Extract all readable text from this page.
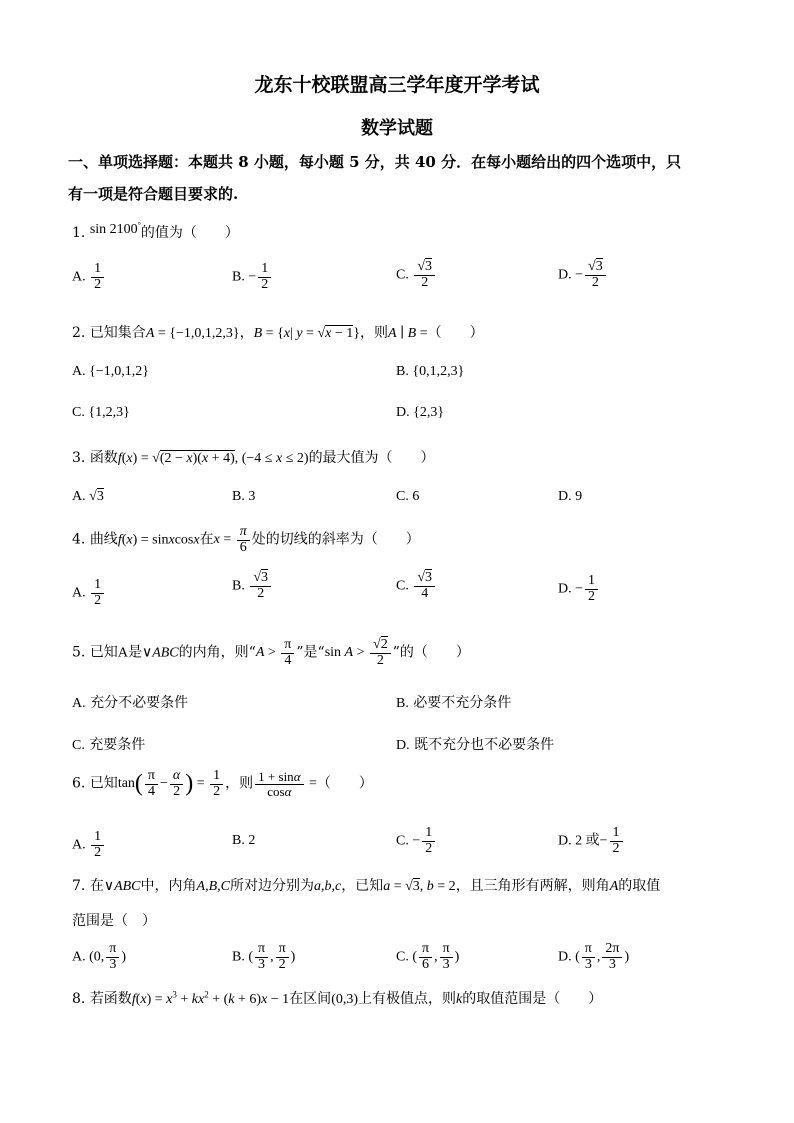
龙东十校联盟高三学年度开学考试
数学试题
一、单项选择题：本题共 8 小题，每小题 5 分，共 40 分．在每小题给出的四个选项中，只
有一项是符合题目要求的.
1. sin 2100°的值为（　　）
A. $\frac{1}{2}$	B. − $\frac{1}{2}$	C. $\frac{√3}{2}$	D. − $\frac{√3}{2}$
2. 已知集合A = {−1,0,1,2,3}，B = {x| y = √x − 1}，则A ∣ B =（　　）
A. {−1,0,1,2}	B. {0,1,2,3}
C. {1,2,3}	D. {2,3}
3. 函数f(x) = √(2 − x)(x + 4), (−4 ≤ x ≤ 2)的最大值为（　　）
A. √3	B. 3	C. 6	D. 9
4. 曲线f(x) = sinxcosx在$x = \frac{\pi}{6}$ 处的切线的斜率为（　　）
A. $\frac{1}{2}$	B. $\frac{√3}{2}$	C. $\frac{√3}{4}$	D. − $\frac{1}{2}$
5. 已知A是∨ABC的内角，则“$A > \frac{\pi}{4}$ ”是“sin $A > \frac{√2}{2}$ ”的（　　）
A. 充分不必要条件	B. 必要不充分条件
C. 充要条件	D. 既不充分也不必要条件
6. 已知$\tan( \frac{\pi}{4} - \frac{\alpha}{2}$ ) = $\frac{1}{2}$ ，则 $\frac{1 + \sin\alpha}{\cos\alpha}$ =（　　）
A. $\frac{1}{2}$	B. 2	C. − $\frac{1}{2}$	D. 2 或− $\frac{1}{2}$
7. 在∨ABC中，内角A,B,C所对边分别为a,b,c，已知a = √3, b = 2，且三角形有两解，则角A的取值
范围是（　）
A. (0, $\frac{\pi}{3}$ )	B. ( $\frac{\pi}{3}$ , $\frac{\pi}{2}$ )	C. ( $\frac{\pi}{6}$ , $\frac{\pi}{3}$ )	D. ( $\frac{\pi}{3}$ , $\frac{2\pi}{3}$ )
8. 若函数$f(x) = x^3 + kx^2 + (k + 6)x - 1$在区间(0,3)上有极值点，则k的取值范围是（　　）
